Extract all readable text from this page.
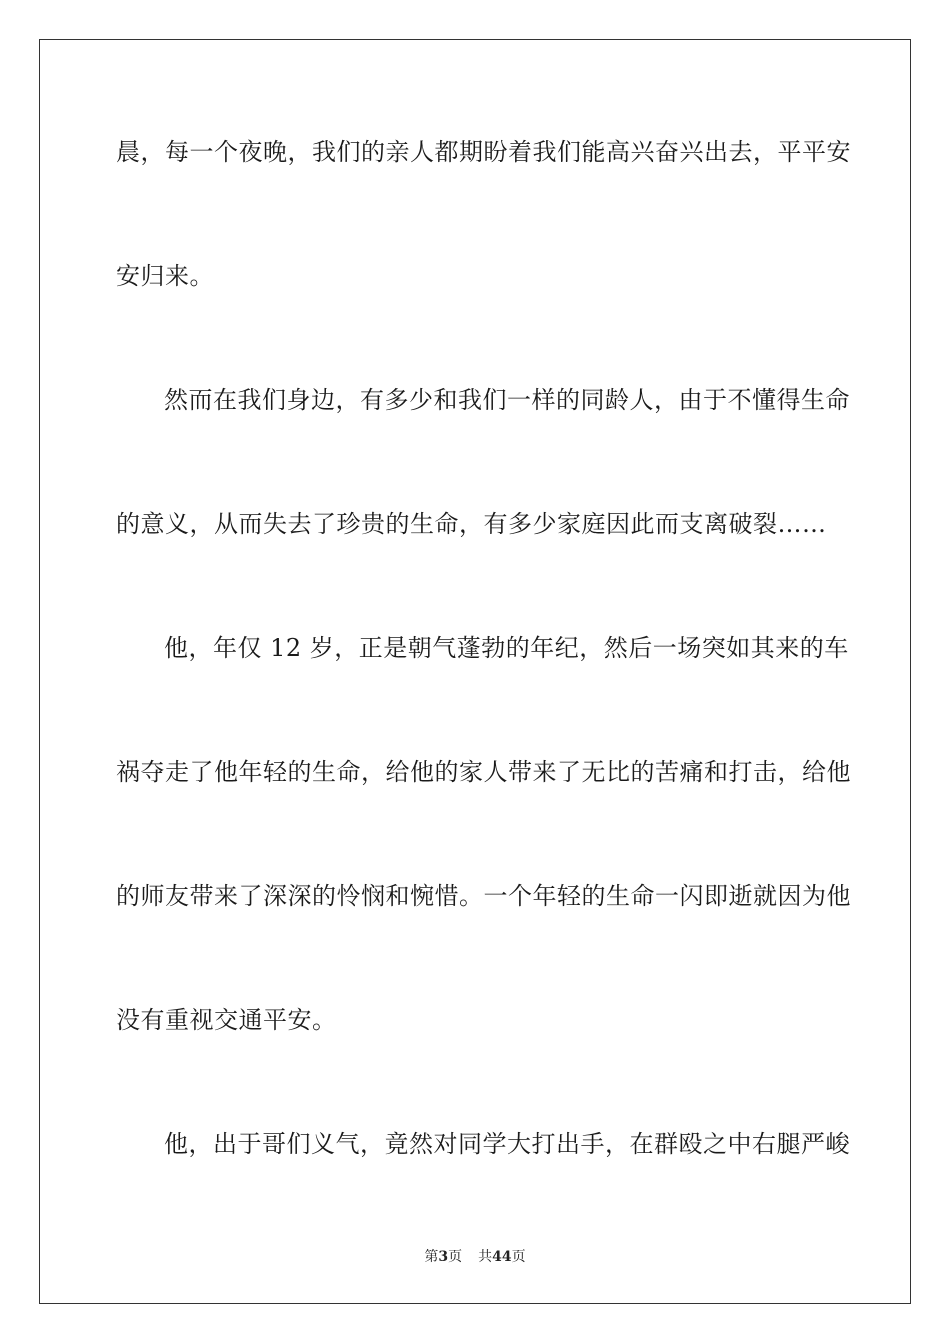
晨，每一个夜晚，我们的亲人都期盼着我们能高兴奋兴出去，平平安
安归来。
然而在我们身边，有多少和我们一样的同龄人，由于不懂得生命
的意义，从而失去了珍贵的生命，有多少家庭因此而支离破裂……
他，年仅 12 岁，正是朝气蓬勃的年纪，然后一场突如其来的车
祸夺走了他年轻的生命，给他的家人带来了无比的苦痛和打击，给他
的师友带来了深深的怜悯和惋惜。一个年轻的生命一闪即逝就因为他
没有重视交通平安。
他，出于哥们义气，竟然对同学大打出手，在群殴之中右腿严峻
第3页 共44页
